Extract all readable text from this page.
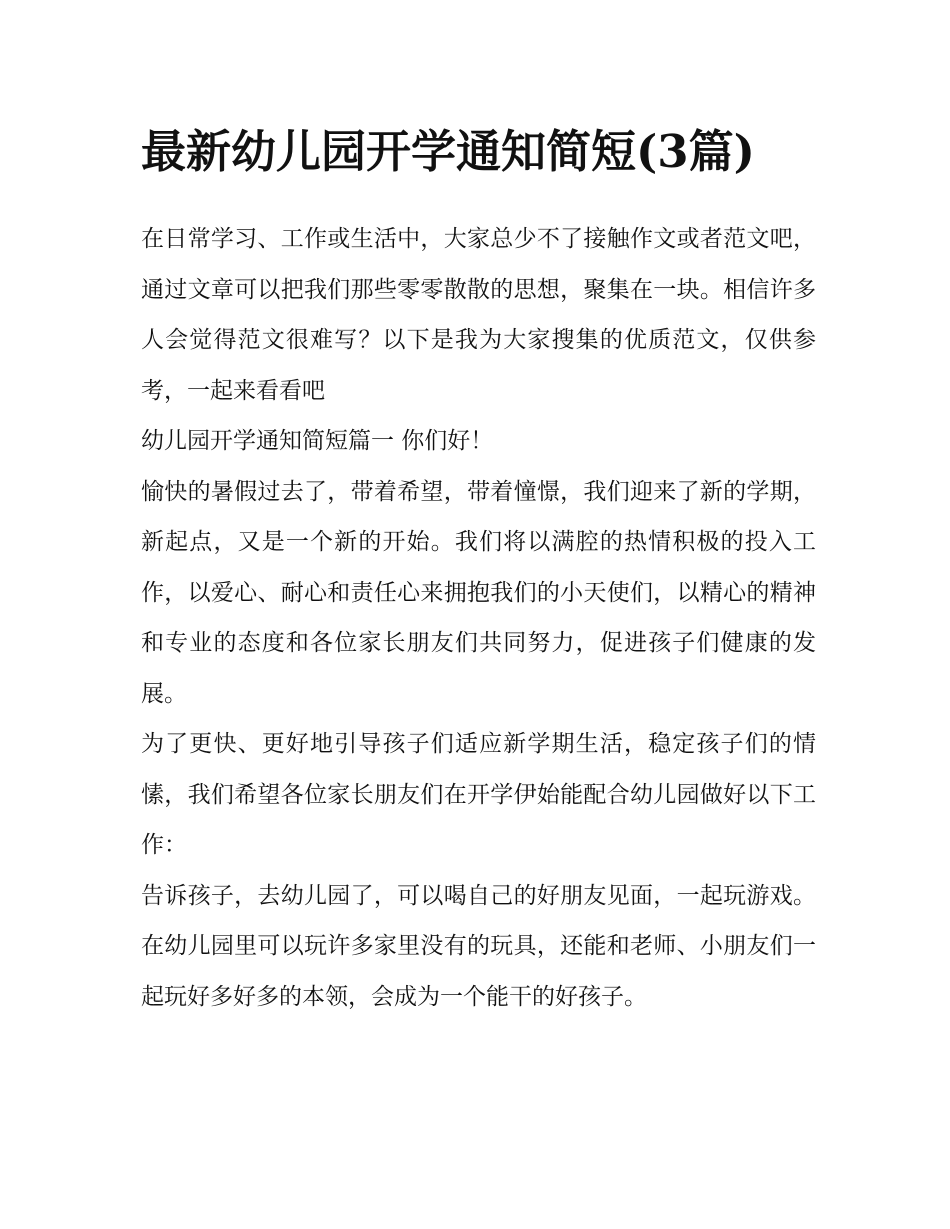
最新幼儿园开学通知简短(3篇)

在日常学习、工作或生活中，大家总少不了接触作文或者范文吧，通过文章可以把我们那些零零散散的思想，聚集在一块。相信许多人会觉得范文很难写？以下是我为大家搜集的优质范文，仅供参考，一起来看看吧

幼儿园开学通知简短篇一 你们好！

愉快的暑假过去了，带着希望，带着憧憬，我们迎来了新的学期，新起点，又是一个新的开始。我们将以满腔的热情积极的投入工作，以爱心、耐心和责任心来拥抱我们的小天使们，以精心的精神和专业的态度和各位家长朋友们共同努力，促进孩子们健康的发展。

为了更快、更好地引导孩子们适应新学期生活，稳定孩子们的情愫，我们希望各位家长朋友们在开学伊始能配合幼儿园做好以下工作：

告诉孩子，去幼儿园了，可以喝自己的好朋友见面，一起玩游戏。在幼儿园里可以玩许多家里没有的玩具，还能和老师、小朋友们一起玩好多好多的本领，会成为一个能干的好孩子。
